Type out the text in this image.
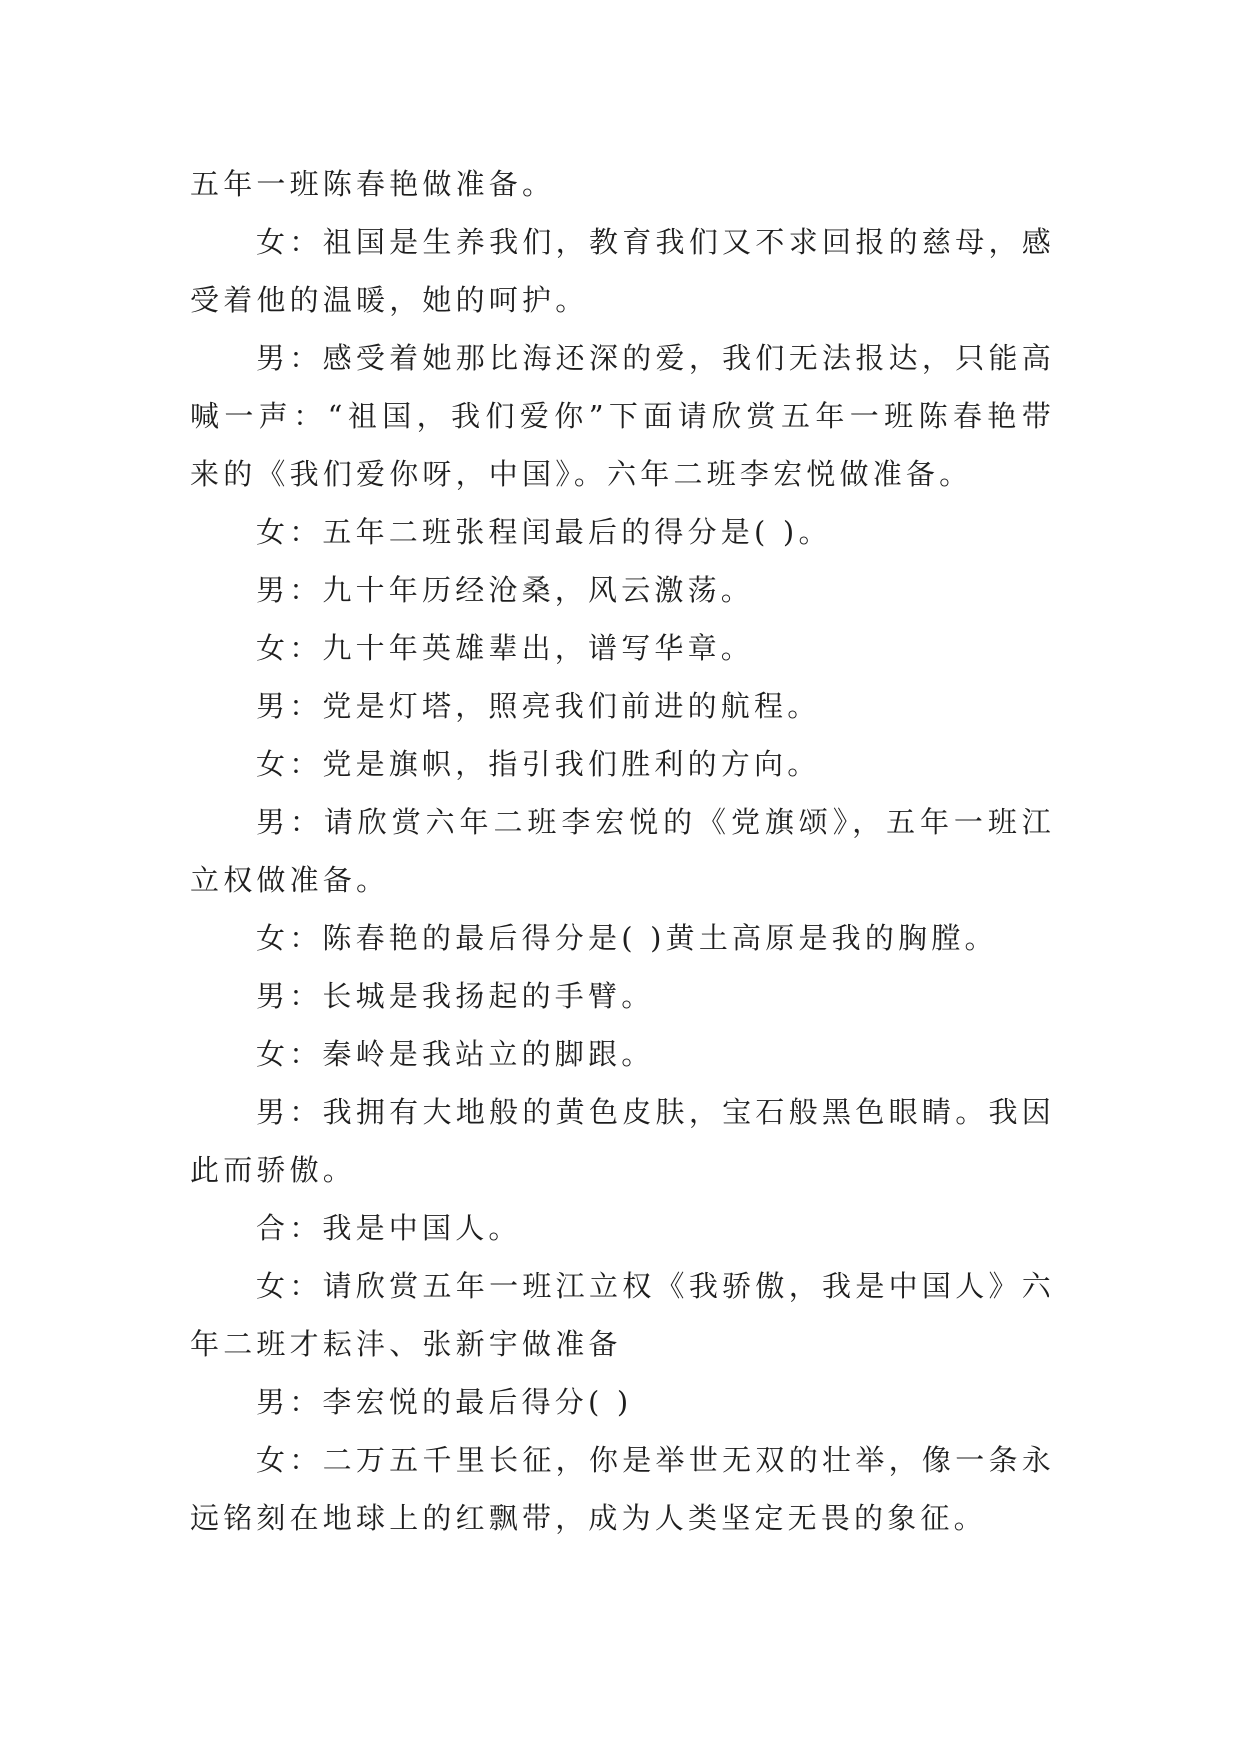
五年一班陈春艳做准备。

女：祖国是生养我们，教育我们又不求回报的慈母，感受着他的温暖，她的呵护。

男：感受着她那比海还深的爱，我们无法报达，只能高喊一声：“祖国，我们爱你”下面请欣赏五年一班陈春艳带来的《我们爱你呀，中国》。六年二班李宏悦做准备。

女：五年二班张程闰最后的得分是( )。

男：九十年历经沧桑，风云激荡。

女：九十年英雄辈出，谱写华章。

男：党是灯塔，照亮我们前进的航程。

女：党是旗帜，指引我们胜利的方向。

男：请欣赏六年二班李宏悦的《党旗颂》，五年一班江立权做准备。

女：陈春艳的最后得分是( )黄土高原是我的胸膛。

男：长城是我扬起的手臂。

女：秦岭是我站立的脚跟。

男：我拥有大地般的黄色皮肤，宝石般黑色眼睛。我因此而骄傲。

合：我是中国人。

女：请欣赏五年一班江立权《我骄傲，我是中国人》六年二班才耘沣、张新宇做准备

男：李宏悦的最后得分( )

女：二万五千里长征，你是举世无双的壮举，像一条永远铭刻在地球上的红飘带，成为人类坚定无畏的象征。
